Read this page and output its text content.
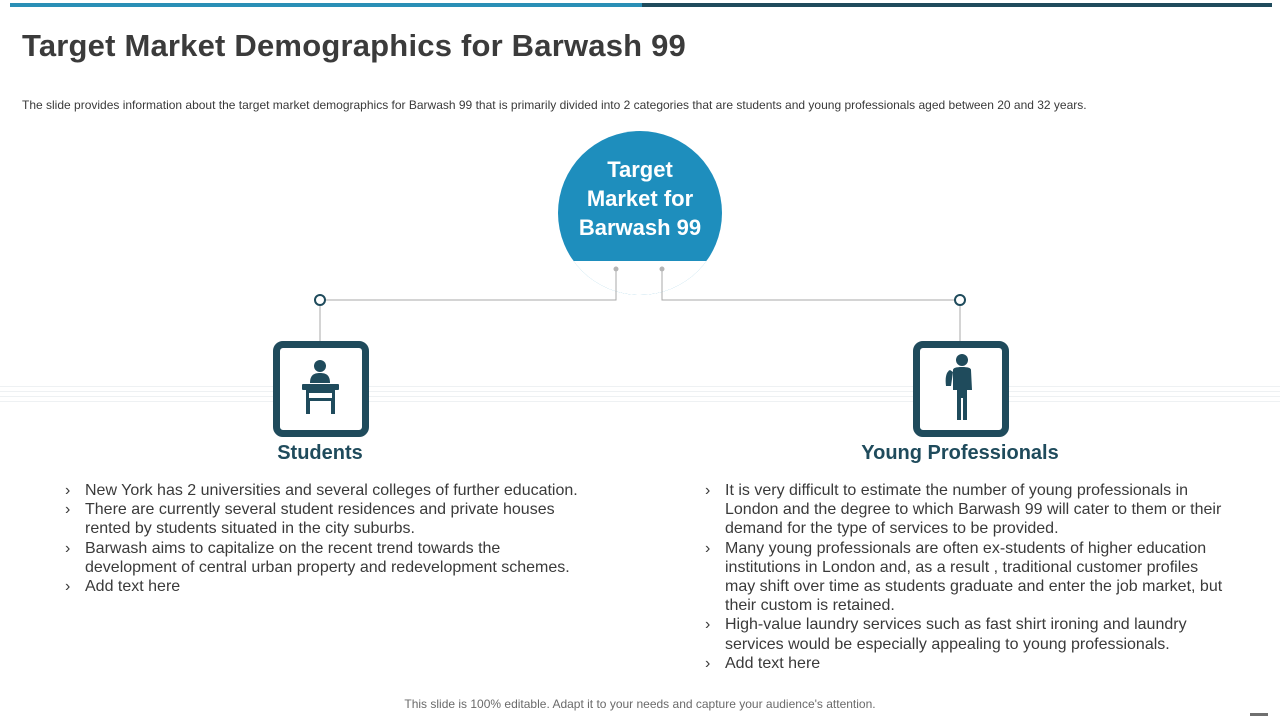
Target Market Demographics for Barwash 99
The slide provides information about the target market demographics for Barwash 99 that is primarily divided into 2 categories that are students and young professionals aged between 20 and 32 years.
Target
Market for
Barwash 99
Students	Young Professionals
› New York has 2 universities and several colleges of further education.
› There are currently several student residences and private houses rented by students situated in the city suburbs.
› Barwash aims to capitalize on the recent trend towards the development of central urban property and redevelopment schemes.
› Add text here
› It is very difficult to estimate the number of young professionals in London and the degree to which Barwash 99 will cater to them or their demand for the type of services to be provided.
› Many young professionals are often ex-students of higher education institutions in London and, as a result , traditional customer profiles may shift over time as students graduate and enter the job market, but their custom is retained.
› High-value laundry services such as fast shirt ironing and laundry services would be especially appealing to young professionals.
› Add text here
This slide is 100% editable. Adapt it to your needs and capture your audience's attention.
